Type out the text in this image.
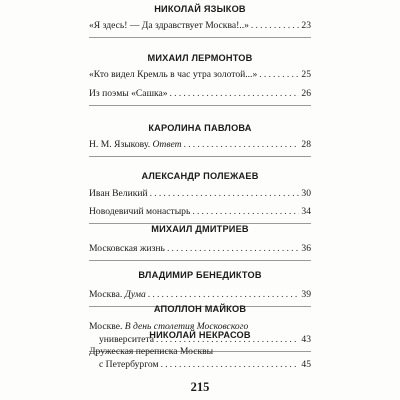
НИКОЛАЙ ЯЗЫКОВ
«Я здесь! — Да здравствует Москва!..» .....	23
МИХАИЛ ЛЕРМОНТОВ
«Кто видел Кремль в час утра золотой...» .....	25
Из поэмы «Сашка» .....	26
КАРОЛИНА ПАВЛОВА
Н. М. Языкову. Ответ .....	28
АЛЕКСАНДР ПОЛЕЖАЕВ
Иван Великий .....	30
Новодевичий монастырь .....	34
МИХАИЛ ДМИТРИЕВ
Московская жизнь .....	36
ВЛАДИМИР БЕНЕДИКТОВ
Москва. Дума .....	39
АПОЛЛОН МАЙКОВ
Москве. В день столетия Московского
университета .....	43
НИКОЛАЙ НЕКРАСОВ
Дружеская переписка Москвы
с Петербургом .....	45
215
